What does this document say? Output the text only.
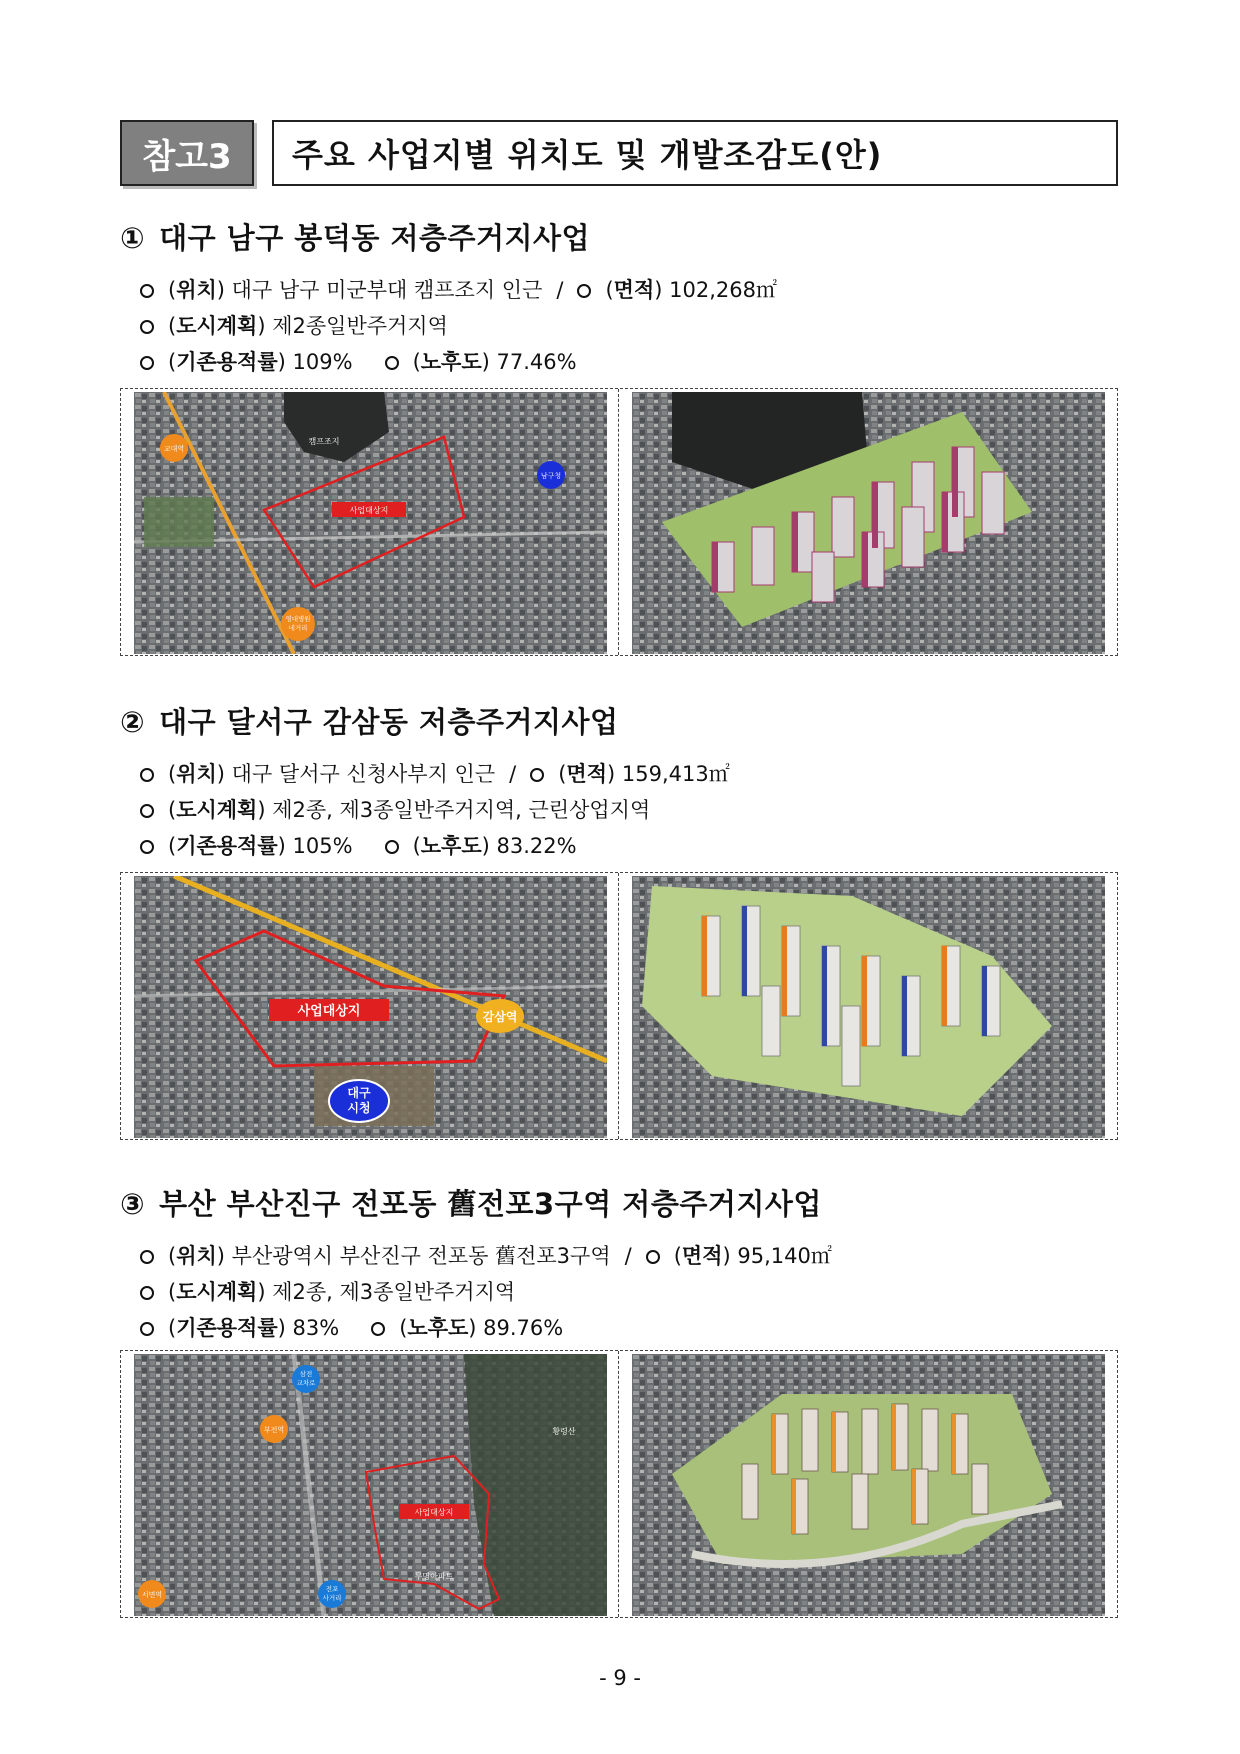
참고3	주요 사업지별 위치도 및 개발조감도(안)
① 대구 남구 봉덕동 저층주거지사업
(위치) 대구 남구 미군부대 캠프조지 인근 / (면적) 102,268㎡
(도시계획) 제2종일반주거지역
(기존용적률) 109%	(노후도) 77.46%
사업대상지
캠프조지
교대역
남구청
영대병원
네거리
② 대구 달서구 감삼동 저층주거지사업
(위치) 대구 달서구 신청사부지 인근 / (면적) 159,413㎡
(도시계획) 제2종, 제3종일반주거지역, 근린상업지역
(기존용적률) 105%	(노후도) 83.22%
사업대상지	감삼역
대구
시청
③ 부산 부산진구 전포동 舊전포3구역 저층주거지사업
(위치) 부산광역시 부산진구 전포동 舊전포3구역 / (면적) 95,140㎡
(도시계획) 제2종, 제3종일반주거지역
(기존용적률) 83%	(노후도) 89.76%
사업대상지
삼전
교차로
부전역	황령산
서면역
전포
사거리
무명아파트
- 9 -
